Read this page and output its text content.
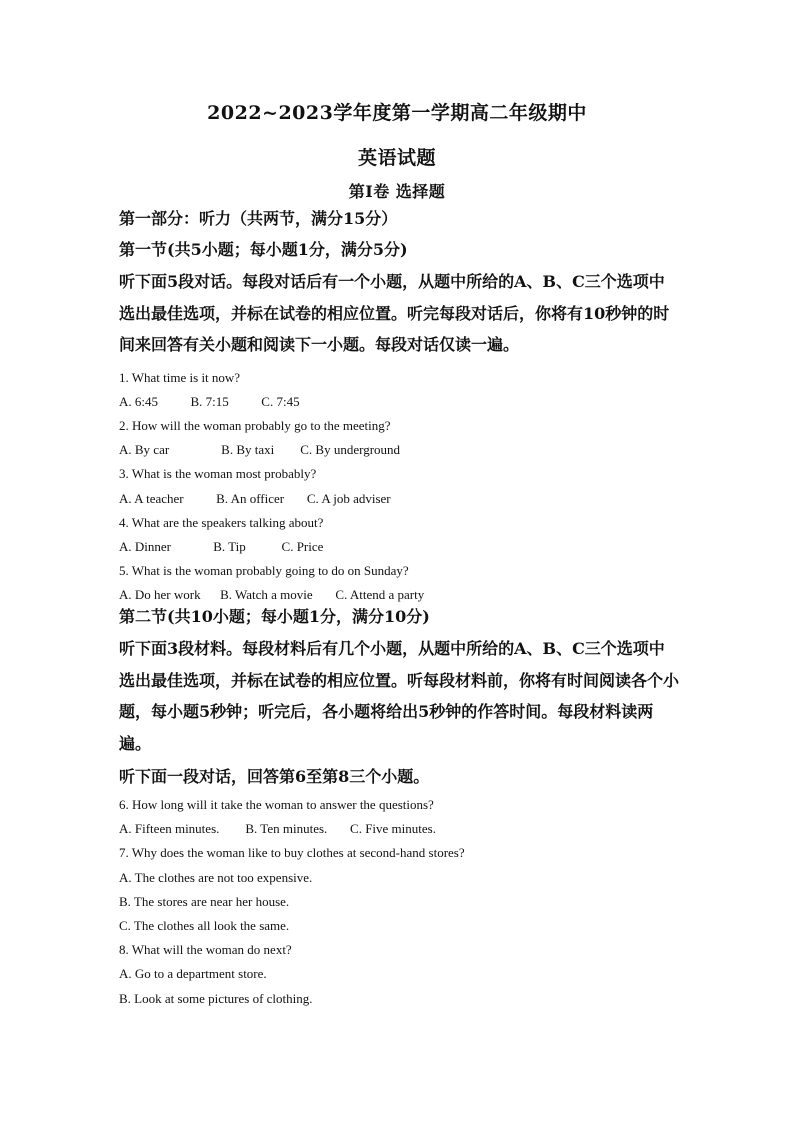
2022~2023学年度第一学期高二年级期中
英语试题
第Ⅰ卷 选择题
第一部分：听力（共两节，满分15分）
第一节(共5小题；每小题1分，满分5分)
听下面5段对话。每段对话后有一个小题，从题中所给的A、B、C三个选项中选出最佳选项，并标在试卷的相应位置。听完每段对话后，你将有10秒钟的时间来回答有关小题和阅读下一小题。每段对话仅读一遍。
1. What time is it now?
A. 6:45          B. 7:15          C. 7:45
2. How will the woman probably go to the meeting?
A. By car                B. By taxi        C. By underground
3. What is the woman most probably?
A. A teacher          B. An officer       C. A job adviser
4. What are the speakers talking about?
A. Dinner             B. Tip           C. Price
5. What is the woman probably going to do on Sunday?
A. Do her work      B. Watch a movie       C. Attend a party
第二节(共10小题；每小题1分，满分10分)
听下面3段材料。每段材料后有几个小题，从题中所给的A、B、C三个选项中选出最佳选项，并标在试卷的相应位置。听每段材料前，你将有时间阅读各个小题，每小题5秒钟；听完后，各小题将给出5秒钟的作答时间。每段材料读两遍。
听下面一段对话，回答第6至第8三个小题。
6. How long will it take the woman to answer the questions?
A. Fifteen minutes.        B. Ten minutes.       C. Five minutes.
7. Why does the woman like to buy clothes at second-hand stores?
A. The clothes are not too expensive.
B. The stores are near her house.
C. The clothes all look the same.
8. What will the woman do next?
A. Go to a department store.
B. Look at some pictures of clothing.
